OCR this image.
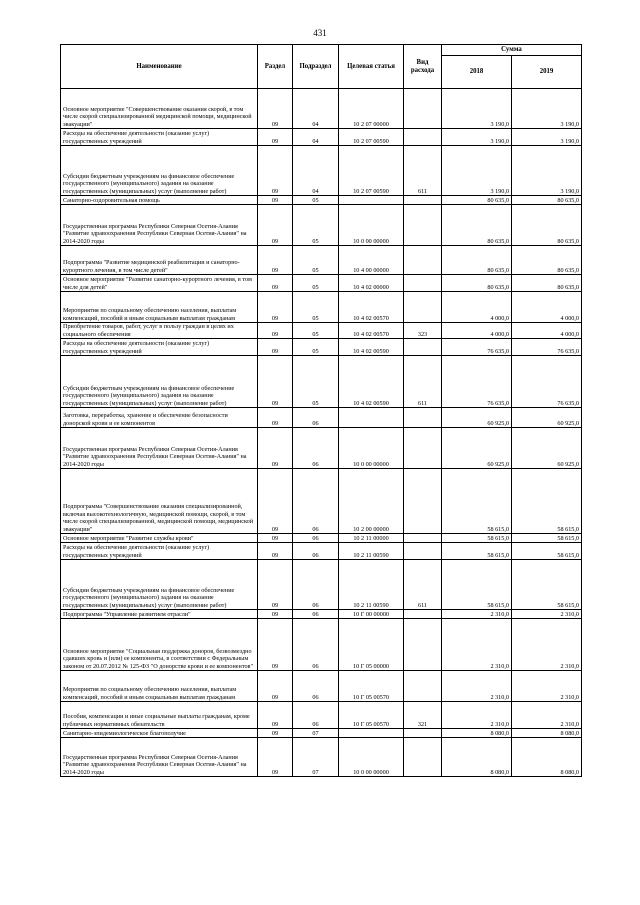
431
Наименование	Раздел	Подраздел	Целевая статья	Вид расхода	Сумма	
					2018	2019
Основное мероприятие "Совершенствование оказания скорой, в том числе скорой специализированной медицинской помощи, медицинской эвакуации"	09	04	10 2 07 00000		3 190,0	3 190,0
Расходы на обеспечение деятельности (оказание услуг) государственных учреждений	09	04	10 2 07 00590		3 190,0	3 190,0
Субсидии бюджетным учреждениям на финансовое обеспечение государственного (муниципального) задания на оказание государственных (муниципальных) услуг (выполнение работ)	09	04	10 2 07 00590	611	3 190,0	3 190,0
Санаторно-оздоровительная помощь	09	05			80 635,0	80 635,0
Государственная программа Республики Северная Осетия-Алания "Развитие здравоохранения Республики Северная Осетия-Алания" на 2014-2020 годы	09	05	10 0 00 00000		80 635,0	80 635,0
Подпрограмма "Развитие медицинской реабилитации и санаторно-курортного лечения, в том числе детей"	09	05	10 4 00 00000		80 635,0	80 635,0
Основное мероприятие "Развитие санаторно-курортного лечения, в том числе для детей"	09	05	10 4 02 00000		80 635,0	80 635,0
Мероприятия по социальному обеспечению населения, выплатам компенсаций, пособий и иным социальным выплатам гражданам	09	05	10 4 02 00570		4 000,0	4 000,0
Приобретение товаров, работ, услуг в пользу граждан в целях их социального обеспечения	09	05	10 4 02 00570	323	4 000,0	4 000,0
Расходы на обеспечение деятельности (оказание услуг) государственных учреждений	09	05	10 4 02 00590		76 635,0	76 635,0
Субсидии бюджетным учреждениям на финансовое обеспечение государственного (муниципального) задания на оказание государственных (муниципальных) услуг (выполнение работ)	09	05	10 4 02 00590	611	76 635,0	76 635,0
Заготовка, переработка, хранение и обеспечение безопасности донорской крови и ее компонентов	09	06			60 925,0	60 925,0
Государственная программа Республики Северная Осетия-Алания "Развитие здравоохранения Республики Северная Осетия-Алания" на 2014-2020 годы	09	06	10 0 00 00000		60 925,0	60 925,0
Подпрограмма "Совершенствование оказания специализированной, включая высокотехнологичную, медицинской помощи, скорой, в том числе скорой специализированной, медицинской помощи, медицинской эвакуации"	09	06	10 2 00 00000		58 615,0	58 615,0
Основное мероприятие "Развитие службы крови"	09	06	10 2 11 00000		58 615,0	58 615,0
Расходы на обеспечение деятельности (оказание услуг) государственных учреждений	09	06	10 2 11 00590		58 615,0	58 615,0
Субсидии бюджетным учреждениям на финансовое обеспечение государственного (муниципального) задания на оказание государственных (муниципальных) услуг (выполнение работ)	09	06	10 2 11 00590	611	58 615,0	58 615,0
Подпрограмма "Управление развитием отрасли"	09	06	10 Г 00 00000		2 310,0	2 310,0
Основное мероприятие "Социальная поддержка доноров, безвозмездно сдавших кровь и (или) ее компоненты, в соответствии с Федеральным законом от 20.07.2012 № 125-ФЗ "О донорстве крови и ее компонентов"	09	06	10 Г 05 00000		2 310,0	2 310,0
Мероприятия по социальному обеспечению населения, выплатам компенсаций, пособий и иным социальным выплатам гражданам	09	06	10 Г 05 00570		2 310,0	2 310,0
Пособия, компенсации и иные социальные выплаты гражданам, кроме публичных нормативных обязательств	09	06	10 Г 05 00570	321	2 310,0	2 310,0
Санитарно-эпидемиологическое благополучие	09	07			8 080,0	8 080,0
Государственная программа Республики Северная Осетия-Алания "Развитие здравоохранения Республики Северная Осетия-Алания" на 2014-2020 годы	09	07	10 0 00 00000		8 080,0	8 080,0
